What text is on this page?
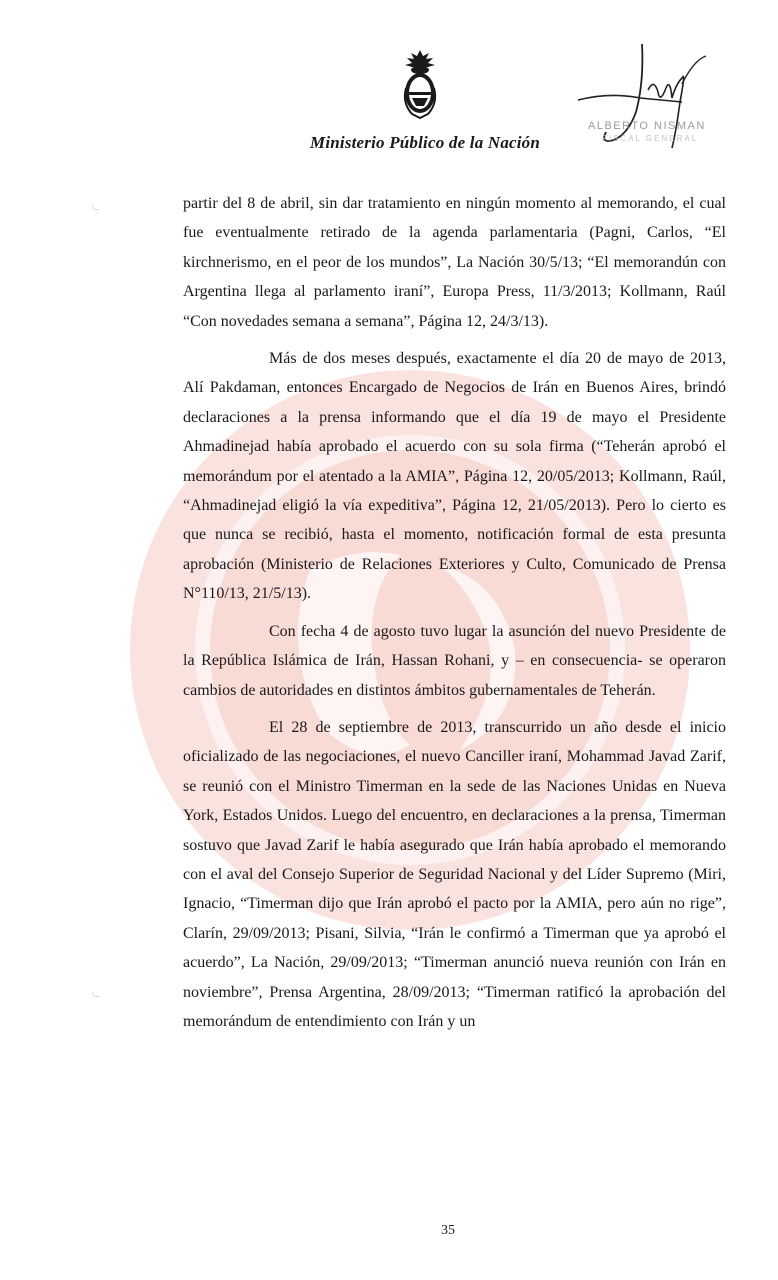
Ministerio Público de la Nación
ALBERTO NISMAN
FISCAL GENERAL

partir del 8 de abril, sin dar tratamiento en ningún momento al memorando, el cual fue eventualmente retirado de la agenda parlamentaria (Pagni, Carlos, “El kirchnerismo, en el peor de los mundos”, La Nación 30/5/13; “El memorandún con Argentina llega al parlamento iraní”, Europa Press, 11/3/2013; Kollmann, Raúl “Con novedades semana a semana”, Página 12, 24/3/13).

Más de dos meses después, exactamente el día 20 de mayo de 2013, Alí Pakdaman, entonces Encargado de Negocios de Irán en Buenos Aires, brindó declaraciones a la prensa informando que el día 19 de mayo el Presidente Ahmadinejad había aprobado el acuerdo con su sola firma (“Teherán aprobó el memorándum por el atentado a la AMIA”, Página 12, 20/05/2013; Kollmann, Raúl, “Ahmadinejad eligió la vía expeditiva”, Página 12, 21/05/2013). Pero lo cierto es que nunca se recibió, hasta el momento, notificación formal de esta presunta aprobación (Ministerio de Relaciones Exteriores y Culto, Comunicado de Prensa N°110/13, 21/5/13).

Con fecha 4 de agosto tuvo lugar la asunción del nuevo Presidente de la República Islámica de Irán, Hassan Rohani, y – en consecuencia- se operaron cambios de autoridades en distintos ámbitos gubernamentales de Teherán.

El 28 de septiembre de 2013, transcurrido un año desde el inicio oficializado de las negociaciones, el nuevo Canciller iraní, Mohammad Javad Zarif, se reunió con el Ministro Timerman en la sede de las Naciones Unidas en Nueva York, Estados Unidos. Luego del encuentro, en declaraciones a la prensa, Timerman sostuvo que Javad Zarif le había asegurado que Irán había aprobado el memorando con el aval del Consejo Superior de Seguridad Nacional y del Líder Supremo (Miri, Ignacio, “Timerman dijo que Irán aprobó el pacto por la AMIA, pero aún no rige”, Clarín, 29/09/2013; Pisani, Silvia, “Irán le confirmó a Timerman que ya aprobó el acuerdo”, La Nación, 29/09/2013; “Timerman anunció nueva reunión con Irán en noviembre”, Prensa Argentina, 28/09/2013; “Timerman ratificó la aprobación del memorándum de entendimiento con Irán y un

35
